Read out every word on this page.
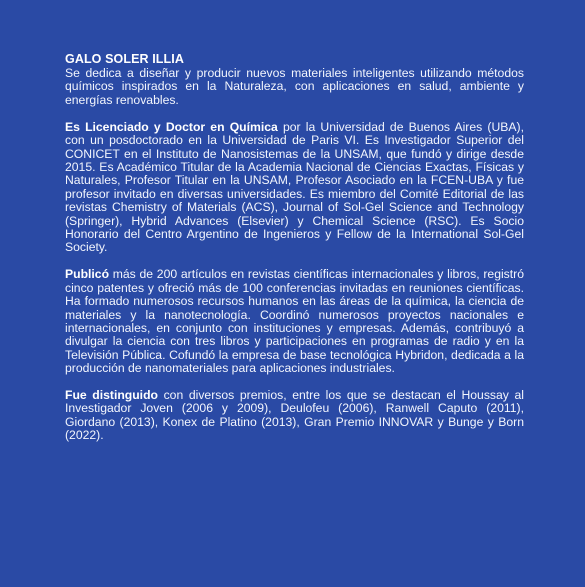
GALO SOLER ILLIA

Se dedica a diseñar y producir nuevos materiales inteligentes utilizando métodos químicos inspirados en la Naturaleza, con aplicaciones en salud, ambiente y energías renovables.

Es Licenciado y Doctor en Química por la Universidad de Buenos Aires (UBA), con un posdoctorado en la Universidad de Paris VI. Es Investigador Superior del CONICET en el Instituto de Nanosistemas de la UNSAM, que fundó y dirige desde 2015. Es Académico Titular de la Academia Nacional de Ciencias Exactas, Físicas y Naturales, Profesor Titular en la UNSAM, Profesor Asociado en la FCEN-UBA y fue profesor invitado en diversas universidades. Es miembro del Comité Editorial de las revistas Chemistry of Materials (ACS), Journal of Sol-Gel Science and Technology (Springer), Hybrid Advances (Elsevier) y Chemical Science (RSC). Es Socio Honorario del Centro Argentino de Ingenieros y Fellow de la International Sol-Gel Society.

Publicó más de 200 artículos en revistas científicas internacionales y libros, registró cinco patentes y ofreció más de 100 conferencias invitadas en reuniones científicas. Ha formado numerosos recursos humanos en las áreas de la química, la ciencia de materiales y la nanotecnología. Coordinó numerosos proyectos nacionales e internacionales, en conjunto con instituciones y empresas. Además, contribuyó a divulgar la ciencia con tres libros y participaciones en programas de radio y en la Televisión Pública. Cofundó la empresa de base tecnológica Hybridon, dedicada a la producción de nanomateriales para aplicaciones industriales.

Fue distinguido con diversos premios, entre los que se destacan el Houssay al Investigador Joven (2006 y 2009), Deulofeu (2006), Ranwell Caputo (2011), Giordano (2013), Konex de Platino (2013), Gran Premio INNOVAR y Bunge y Born (2022).
